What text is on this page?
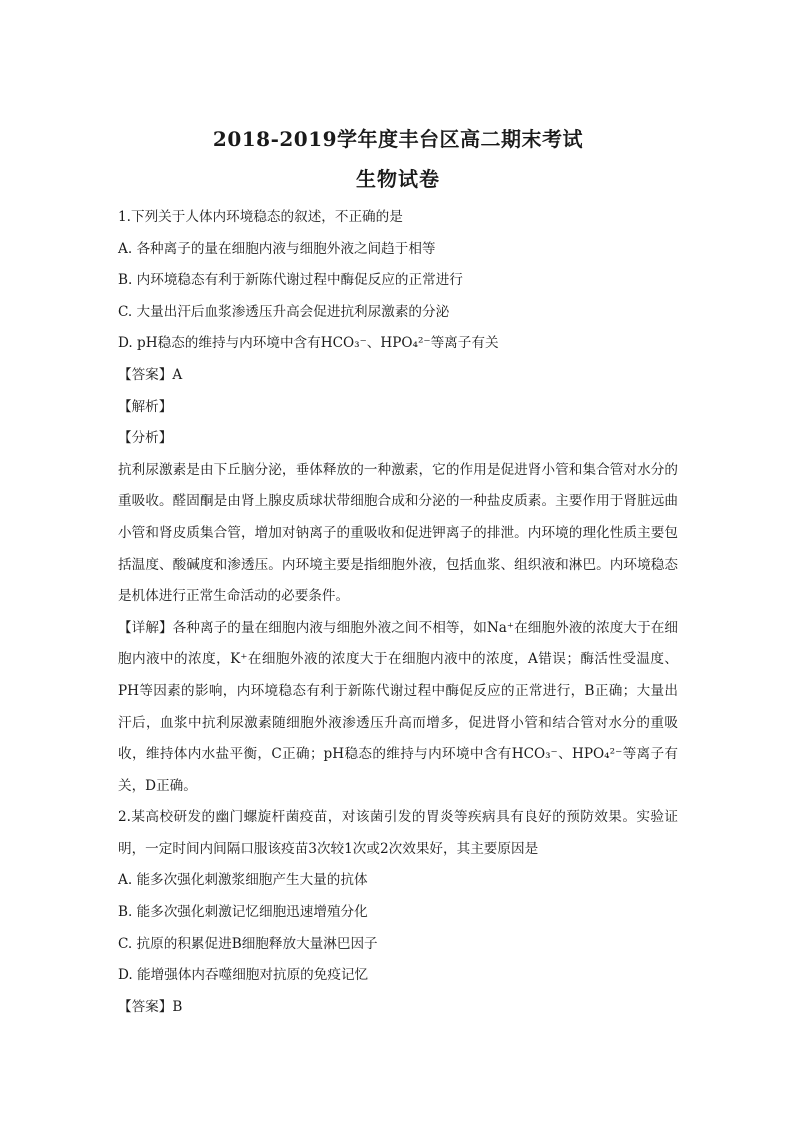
2018-2019学年度丰台区高二期末考试

生物试卷

1.下列关于人体内环境稳态的叙述，不正确的是

A. 各种离子的量在细胞内液与细胞外液之间趋于相等

B. 内环境稳态有利于新陈代谢过程中酶促反应的正常进行

C. 大量出汗后血浆渗透压升高会促进抗利尿激素的分泌

D. pH稳态的维持与内环境中含有HCO₃⁻、HPO₄²⁻等离子有关

【答案】A

【解析】

【分析】

抗利尿激素是由下丘脑分泌，垂体释放的一种激素，它的作用是促进肾小管和集合管对水分的重吸收。醛固酮是由肾上腺皮质球状带细胞合成和分泌的一种盐皮质素。主要作用于肾脏远曲小管和肾皮质集合管，增加对钠离子的重吸收和促进钾离子的排泄。内环境的理化性质主要包括温度、酸碱度和渗透压。内环境主要是指细胞外液，包括血浆、组织液和淋巴。内环境稳态是机体进行正常生命活动的必要条件。

【详解】各种离子的量在细胞内液与细胞外液之间不相等，如Na⁺在细胞外液的浓度大于在细胞内液中的浓度，K⁺在细胞外液的浓度大于在细胞内液中的浓度，A错误；酶活性受温度、PH等因素的影响，内环境稳态有利于新陈代谢过程中酶促反应的正常进行，B正确；大量出汗后，血浆中抗利尿激素随细胞外液渗透压升高而增多，促进肾小管和结合管对水分的重吸收，维持体内水盐平衡，C正确；pH稳态的维持与内环境中含有HCO₃⁻、HPO₄²⁻等离子有关，D正确。

2.某高校研发的幽门螺旋杆菌疫苗，对该菌引发的胃炎等疾病具有良好的预防效果。实验证明，一定时间内间隔口服该疫苗3次较1次或2次效果好，其主要原因是

A. 能多次强化刺激浆细胞产生大量的抗体

B. 能多次强化刺激记忆细胞迅速增殖分化

C. 抗原的积累促进B细胞释放大量淋巴因子

D. 能增强体内吞噬细胞对抗原的免疫记忆

【答案】B
